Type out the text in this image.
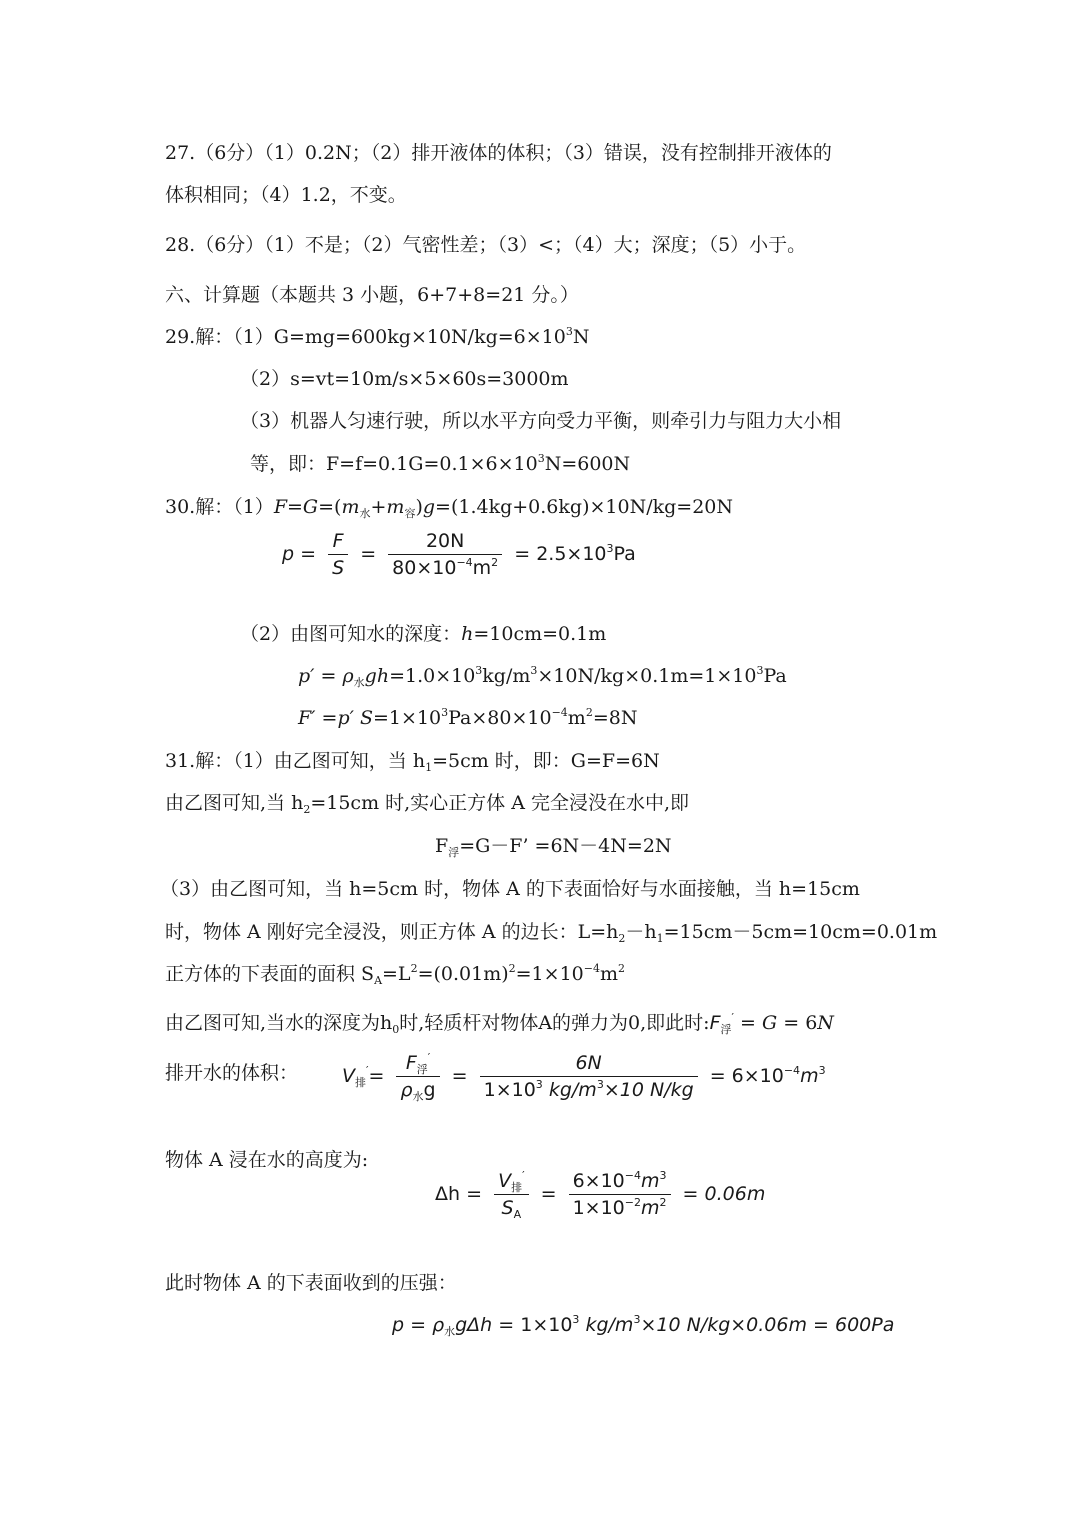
27.（6分）（1）0.2N；（2）排开液体的体积；（3）错误，没有控制排开液体的
体积相同；（4）1.2，不变。
28.（6分）（1）不是；（2）气密性差；（3）<；（4）大；深度；（5）小于。
六、计算题（本题共 3 小题，6+7+8=21 分。）
29.解：$(1)G=mg=600kg\times 10N/kg=6\times 10^3N$
（2）s=vt=10m/s×5×60s=3000m
（3）机器人匀速行驶，所以水平方向受力平衡，则牵引力与阻力大小相
等，即：$F=f=0.1G=0.1\times 6\times 10^3N=600N$
30.解：$(1)F=G=(m_水+m_容)g=(1.4kg+0.6kg)\times 10N/kg=20N$
$p = \frac{F}{S} = \frac{20N}{80\times 10^{-4}m^2} = 2.5\times 10^3Pa$
（2）由图可知水的深度：h=10cm=0.1m
$p' = \rho_水gh=1.0\times 10^3kg/m^3\times 10N/kg\times 0.1m=1\times 10^3Pa$
F′ =p′ $S=1\times 10^3Pa\times 80\times 10^{-4}m^2=8N$
31.解：（1）由乙图可知，当 $h_1=5cm$ 时，即：G=F=6N
由乙图可知,当 $h_2=15cm$ 时,实心正方体 A 完全浸没在水中,即
$F_浮=G-F$’ =6N－4N=2N
（3）由乙图可知，当 h=5cm 时，物体 A 的下表面恰好与水面接触，当 h=15cm
时，物体 A 刚好完全浸没，则正方体 A 的边长：$L=h_2-h_1=15cm-5cm=10cm=0.01m$
正方体的下表面的面积 $S_A=L^2=(0.01m)^2=1\times 10^{-4}m^2$
由乙图可知,当水的深度为$h_0$时,轻质杆对物体A的弹力为0,即此时$:F_浮' = G = 6N$
排开水的体积： $V_排'= \frac{F_浮'}{\rho_水g} = \frac{6N}{1\times 10^3 kg/m^3\times 10 N/kg} = 6\times 10^{-4}m^3$
物体 A 浸在水的高度为:
$\Delta h = \frac{V_排'}{S_A} = \frac{6\times 10^{-4}m^3}{1\times 10^{-2}m^2} = 0.06m$
此时物体 A 的下表面收到的压强：
$p = \rho_水g\Delta h = 1\times 10^3$ $kg/m^3\times 10$ N/kg×0.06m = 600Pa
